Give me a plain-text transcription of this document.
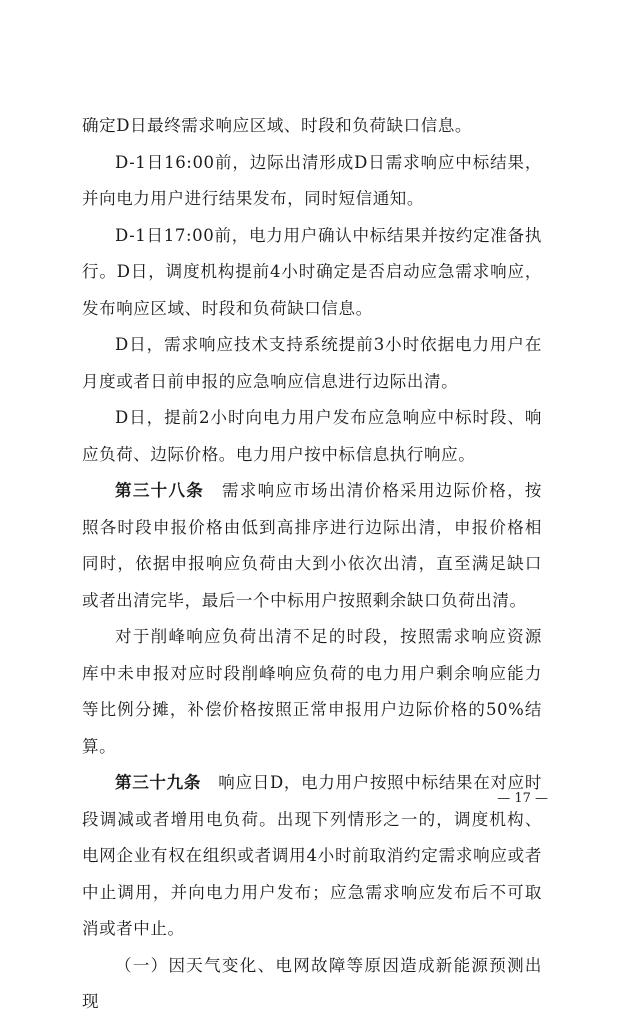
确定D日最终需求响应区域、时段和负荷缺口信息。

D-1日16:00前，边际出清形成D日需求响应中标结果，并向电力用户进行结果发布，同时短信通知。

D-1日17:00前，电力用户确认中标结果并按约定准备执行。D日，调度机构提前4小时确定是否启动应急需求响应，发布响应区域、时段和负荷缺口信息。

D日，需求响应技术支持系统提前3小时依据电力用户在月度或者日前申报的应急响应信息进行边际出清。

D日，提前2小时向电力用户发布应急响应中标时段、响应负荷、边际价格。电力用户按中标信息执行响应。

第三十八条  需求响应市场出清价格采用边际价格，按照各时段申报价格由低到高排序进行边际出清，申报价格相同时，依据申报响应负荷由大到小依次出清，直至满足缺口或者出清完毕，最后一个中标用户按照剩余缺口负荷出清。

对于削峰响应负荷出清不足的时段，按照需求响应资源库中未申报对应时段削峰响应负荷的电力用户剩余响应能力等比例分摊，补偿价格按照正常申报用户边际价格的50%结算。

第三十九条  响应日D，电力用户按照中标结果在对应时段调减或者增用电负荷。出现下列情形之一的，调度机构、电网企业有权在组织或者调用4小时前取消约定需求响应或者中止调用，并向电力用户发布；应急需求响应发布后不可取消或者中止。

（一）因天气变化、电网故障等原因造成新能源预测出现

— 17 —
